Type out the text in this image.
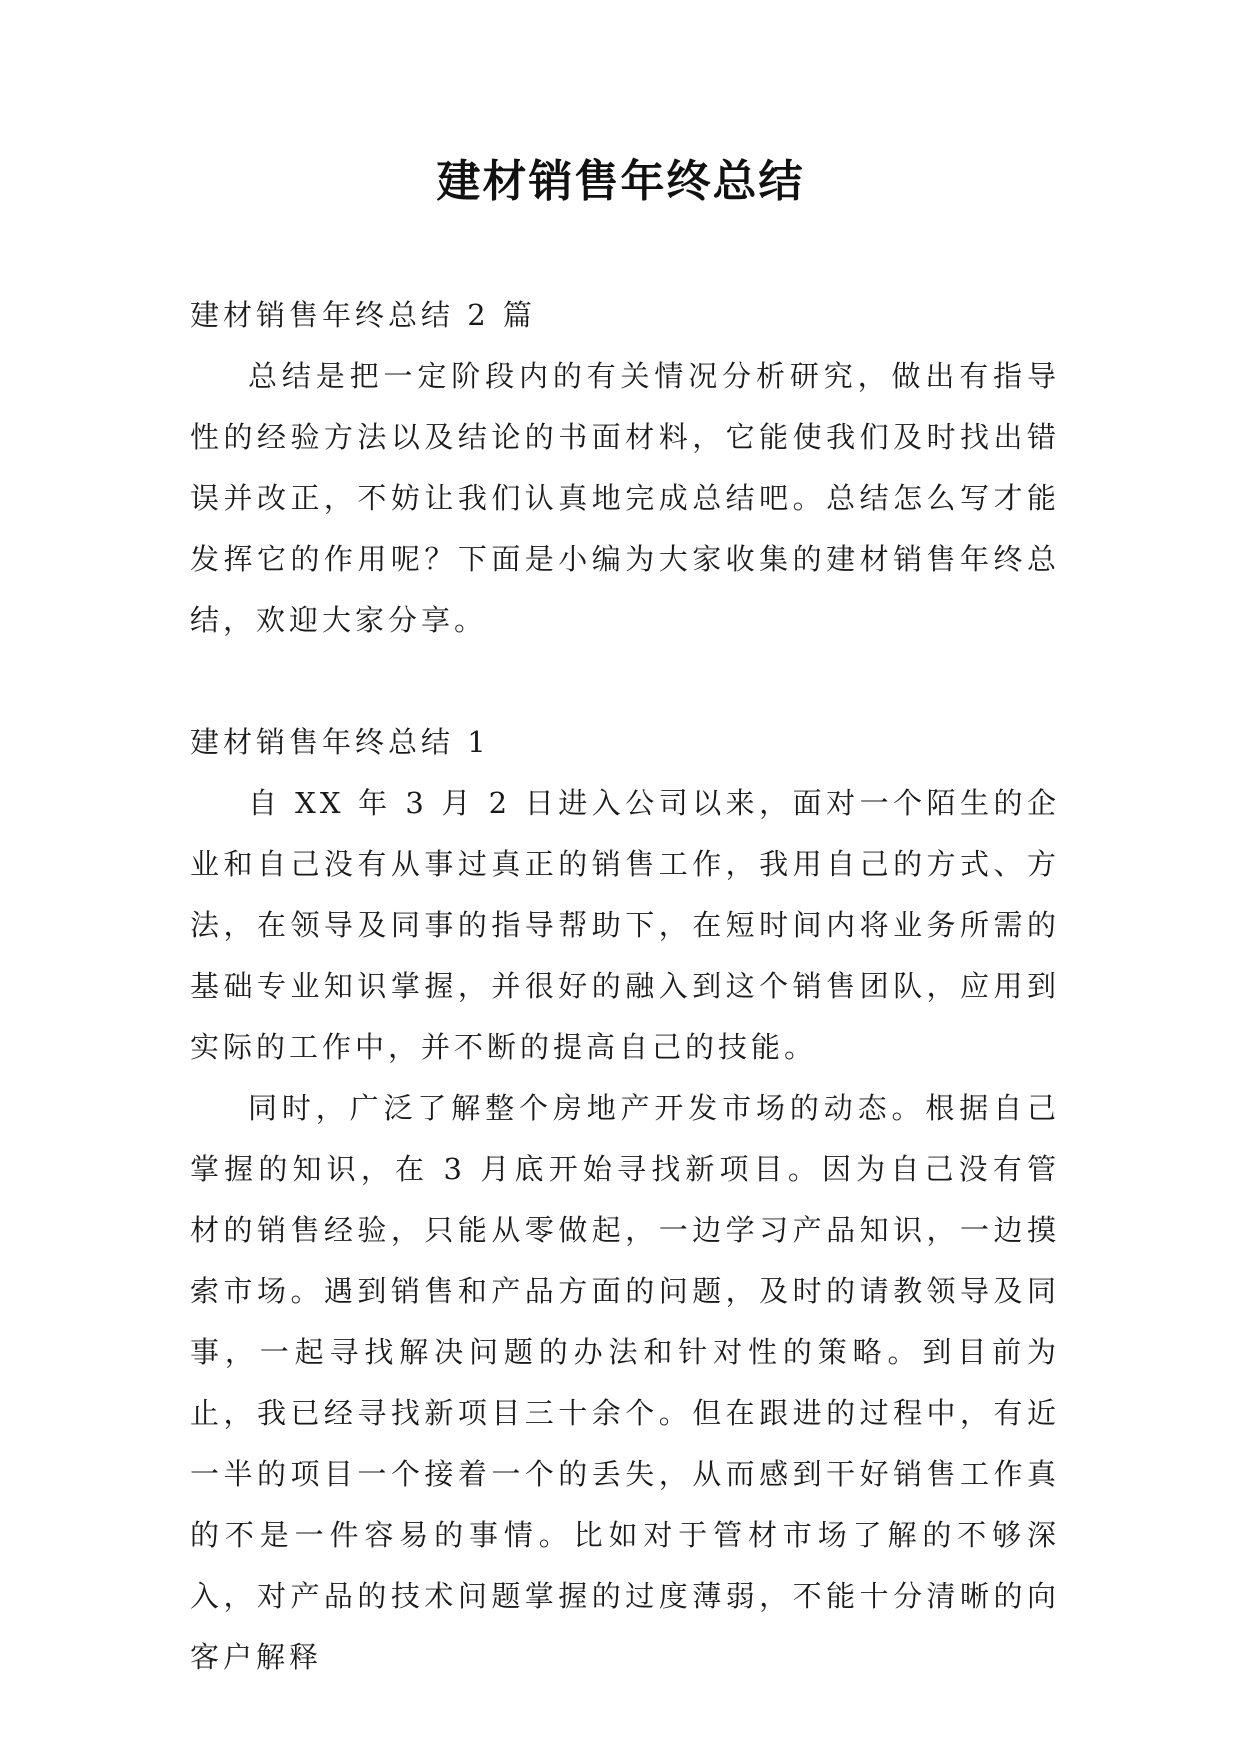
建材销售年终总结

建材销售年终总结 2 篇

总结是把一定阶段内的有关情况分析研究，做出有指导性的经验方法以及结论的书面材料，它能使我们及时找出错误并改正，不妨让我们认真地完成总结吧。总结怎么写才能发挥它的作用呢？下面是小编为大家收集的建材销售年终总结，欢迎大家分享。

建材销售年终总结 1

自 XX 年 3 月 2 日进入公司以来，面对一个陌生的企业和自己没有从事过真正的销售工作，我用自己的方式、方法，在领导及同事的指导帮助下，在短时间内将业务所需的基础专业知识掌握，并很好的融入到这个销售团队，应用到实际的工作中，并不断的提高自己的技能。

同时，广泛了解整个房地产开发市场的动态。根据自己掌握的知识，在 3 月底开始寻找新项目。因为自己没有管材的销售经验，只能从零做起，一边学习产品知识，一边摸索市场。遇到销售和产品方面的问题，及时的请教领导及同事，一起寻找解决问题的办法和针对性的策略。到目前为止，我已经寻找新项目三十余个。但在跟进的过程中，有近一半的项目一个接着一个的丢失，从而感到干好销售工作真的不是一件容易的事情。比如对于管材市场了解的不够深入，对产品的技术问题掌握的过度薄弱，不能十分清晰的向客户解释
